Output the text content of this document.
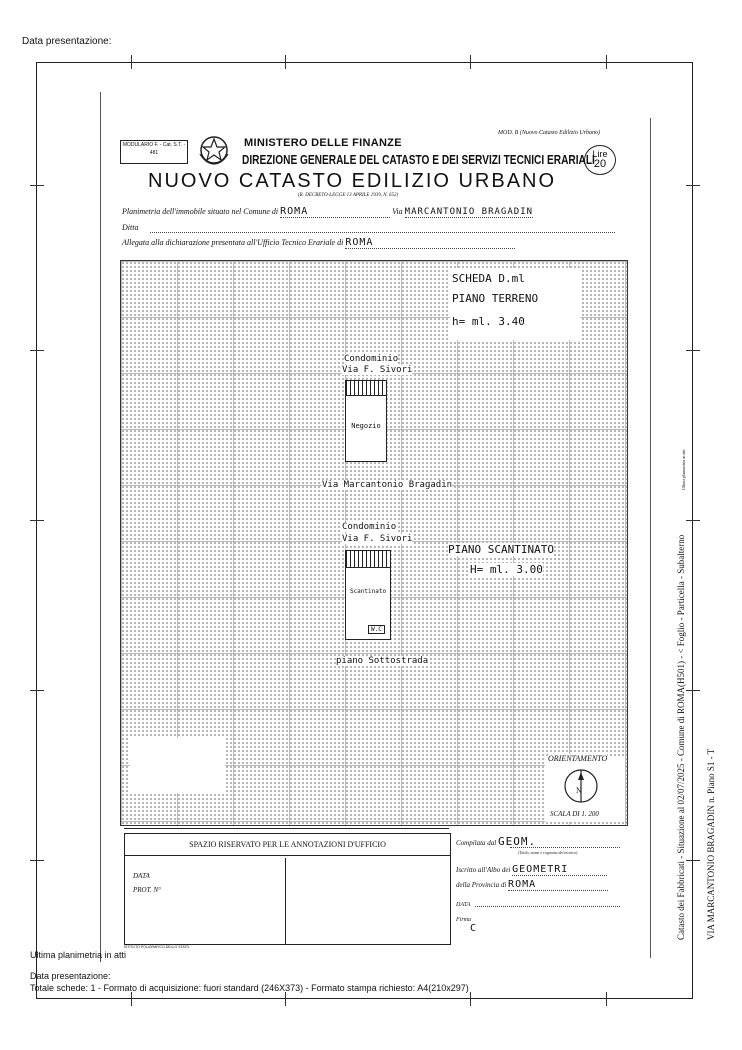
Data presentazione:
MODULARIO F. - Cat. S.T. - 481
MINISTERO DELLE FINANZE
DIREZIONE GENERALE DEL CATASTO E DEI SERVIZI TECNICI ERARIALI
MOD. B (Nuovo Catasto Edilizio Urbano)
Lire
20
NUOVO CATASTO EDILIZIO URBANO
(R. DECRETO-LEGGE 13 APRILE 1939, N. 652)
Planimetria dell'immobile situato nel Comune di ROMA	Via MARCANTONIO BRAGADIN
Ditta
Allegata alla dichiarazione presentata all'Ufficio Tecnico Erariale di ROMA
SCHEDA D.ml
PIANO TERRENO
h= ml. 3.40
Condominio
Via F. Sivori
Negozio
Via Marcantonio Bragadin
Condominio
Via F. Sivori
Scantinato
W.C
PIANO SCANTINATO
H= ml. 3.00
piano Sottostrada
ORIENTAMENTO
N
SCALA DI 1. 200
SPAZIO RISERVATO PER LE ANNOTAZIONI D'UFFICIO
DATA
PROT. N°
Compilata dal GEOM.
(Titolo, nome e cognome del tecnico)
Iscritto all'Albo dei GEOMETRI
della Provincia di ROMA
DATA
Firma
C
ISTITUTO POLIGRAFICO DELLO STATO
Catasto dei Fabbricati - Situazione al 02/07/2025 - Comune di ROMA(H501) - < Foglio - Particella - Subalterno VIA MARCANTONIO BRAGADIN n. Piano S1 - T
Ultima planimetria in atti
Ultima planimetria in atti
Data presentazione:
Totale schede: 1 - Formato di acquisizione: fuori standard (246X373) - Formato stampa richiesto: A4(210x297)
